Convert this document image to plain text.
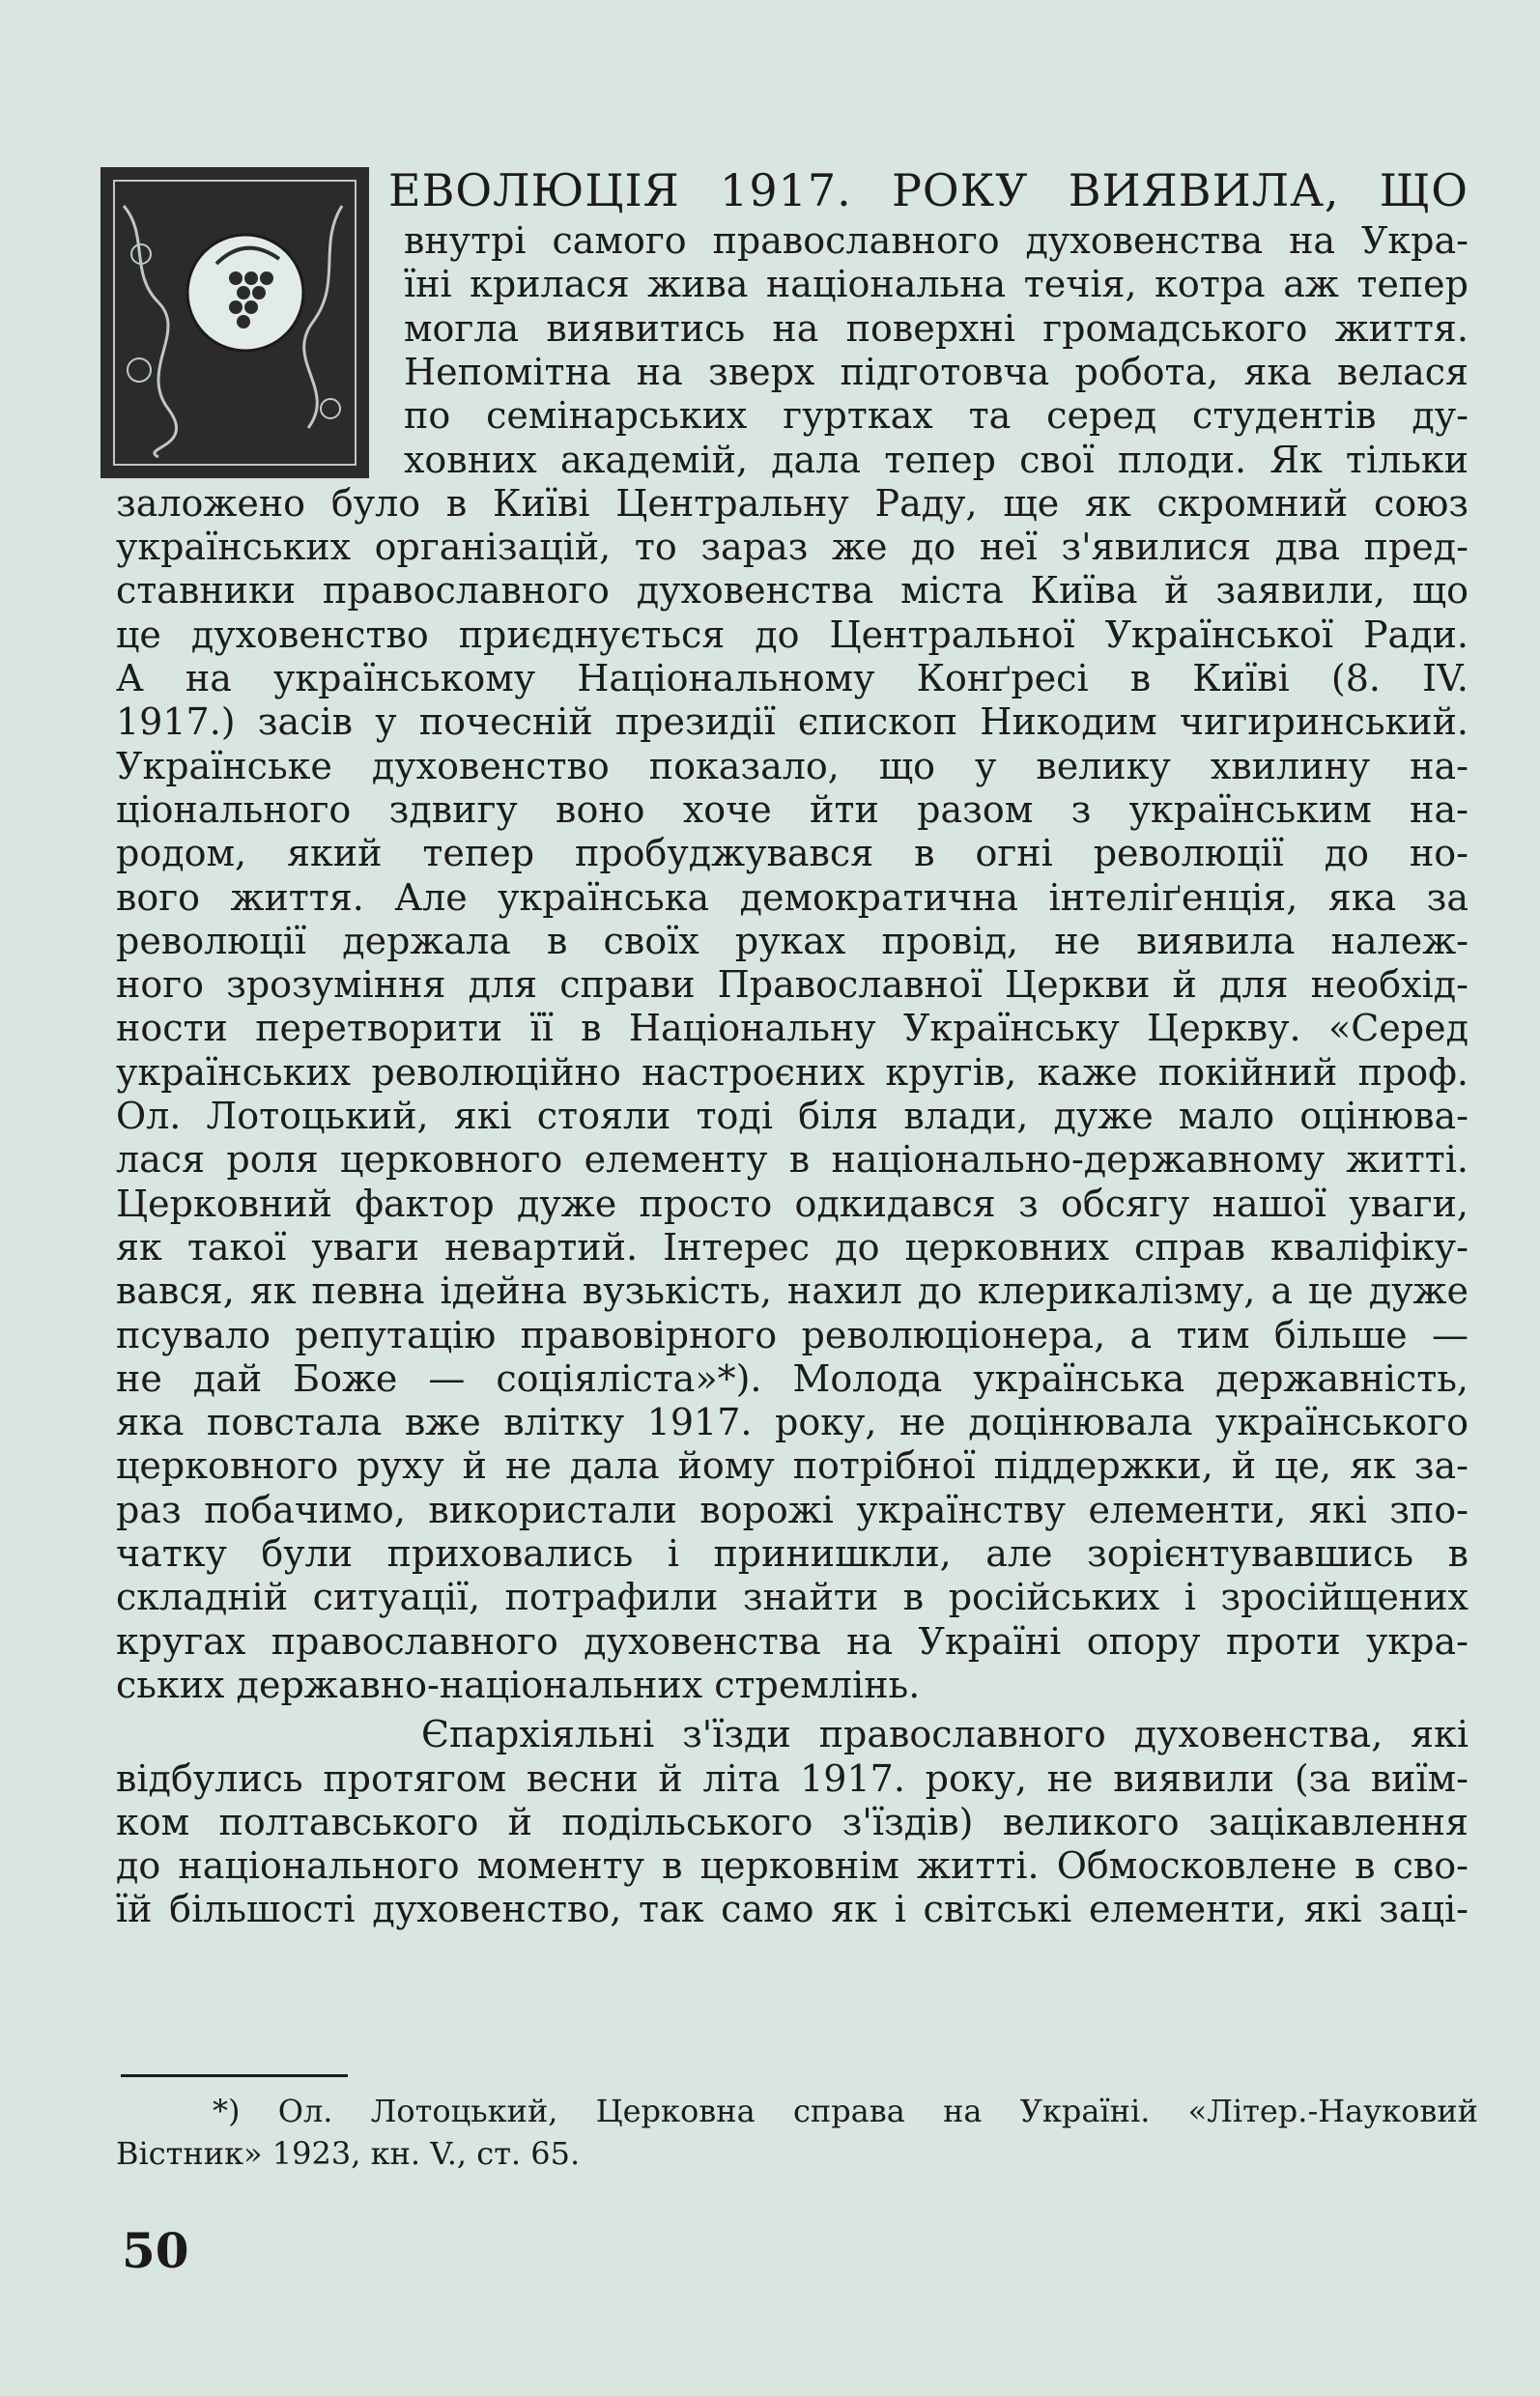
ЕВОЛЮЦІЯ 1917. РОКУ ВИЯВИЛА, ЩО
внутрі самого православного духовенства на Укра-
їні крилася жива національна течія, котра аж тепер
могла виявитись на поверхні громадського життя.
Непомітна на зверх підготовча робота, яка велася
по семінарських гуртках та серед студентів ду-
ховних академій, дала тепер свої плоди. Як тільки
заложено було в Київі Центральну Раду, ще як скромний союз
українських органiзацій, то зараз же до неї з'явилися два пред-
ставники православного духовенства міста Київа й заявили, що
це духовенство приєднується до Центральної Української Ради.
А на українському Національному Конґресі в Київі (8. IV.
1917.) засів у почесній президії єпископ Никодим чигиринський.
Українське духовенство показало, що у велику хвилину на-
ціонального здвигу воно хоче йти разом з українським на-
родом, який тепер пробуджувався в огні революції до но-
вого життя. Але українська демократична інтеліґенція, яка за
революції держала в своїх руках провід, не виявила належ-
ного зрозуміння для справи Православної Церкви й для необхід-
ности перетворити її в Національну Українську Церкву. «Серед
українських революційно настроєних кругів, каже покійний проф.
Ол. Лотоцький, які стояли тоді біля влади, дуже мало оцінюва-
лася роля церковного елементу в національно-державному житті.
Церковний фактор дуже просто одкидався з обсягу нашої уваги,
як такої уваги невартий. Інтерес до церковних справ кваліфіку-
вався, як певна ідейна вузькість, нахил до клерикалізму, а це дуже
псувало репутацію правовірного революціонера, а тим більше —
не дай Боже — соціяліста»*). Молода українська державність,
яка повстала вже влітку 1917. року, не доцінювала українського
церковного руху й не дала йому потрібної піддержки, й це, як за-
раз побачимо, використали ворожі українству елементи, які зпо-
чатку були приховались і принишкли, але зорієнтувавшись в
складній ситуації, потрафили знайти в російських і зросійщених
кругах православного духовенства на Україні опору проти укра-
ських державно-національних стремлінь.
Єпархіяльні з'їзди православного духовенства, які
відбулись протягом весни й літа 1917. року, не виявили (за виїм-
ком полтавського й подільського з'їздів) великого зацікавлення
до національного моменту в церковнім житті. Обмосковлене в сво-
їй більшості духовенство, так само як і світські елементи, які заці-
*) Ол. Лотоцький, Церковна справа на Україні. «Літер.-Науковий
Вістник» 1923, кн. V., ст. 65.
50
